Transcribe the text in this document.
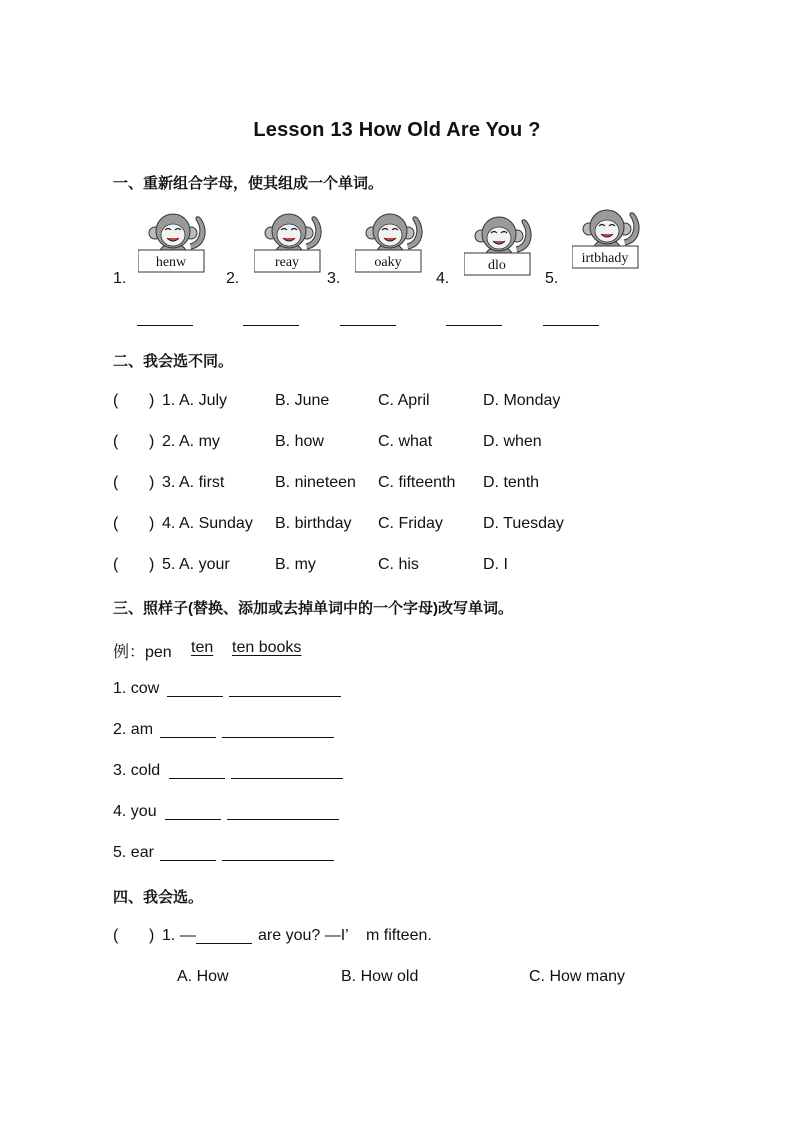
Lesson 13 How Old Are You ?
一、重新组合字母，使其组成一个单词。
1.
henw
2.
reay
3.
oaky
4.
dlo
5.
irtbhady
二、我会选不同。
( ) 1. A. July	B. June	C. April	D. Monday
( ) 2. A. my	B. how	C. what	D. when
( ) 3. A. first	B. nineteen C. fifteenth D. tenth
( ) 4. A. Sunday B. birthday C. Friday	D. Tuesday
( ) 5. A. your	B. my	C. his	D. I
三、照样子(替换、添加或去掉单词中的一个字母)改写单词。
例：pen ten ten books
1. cow
2. am
3. cold
4. you
5. ear
四、我会选。
( ) 1. —	are you? —I’ m fifteen.
A. How	B. How old	C. How many
